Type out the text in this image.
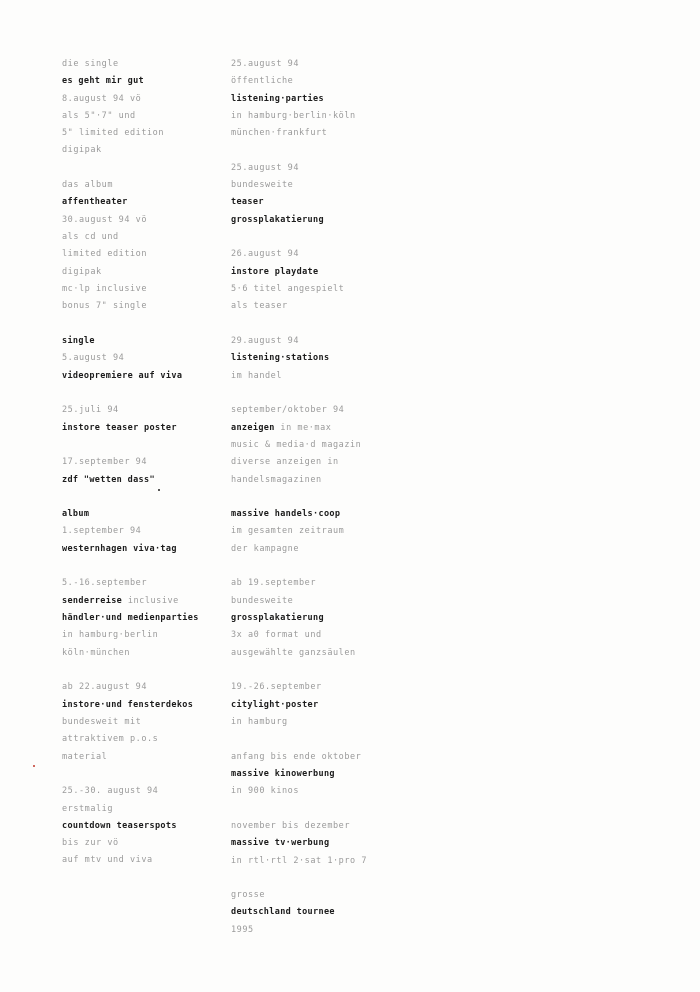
die single
es geht mir gut
8.august 94 vö
als 5"·7" und
5" limited edition
digipak
das album
affentheater
30.august 94 vö
als cd und
limited edition
digipak
mc·lp inclusive
bonus 7" single
single
5.august 94
videopremiere auf viva
25.juli 94
instore teaser poster
17.september 94
zdf "wetten dass"
album
1.september 94
westernhagen viva·tag
5.-16.september
senderreise inclusive
händler·und medienparties
in hamburg·berlin
köln·münchen
ab 22.august 94
instore·und fensterdekos
bundesweit mit
attraktivem p.o.s
material
25.-30. august 94
erstmalig
countdown teaserspots
bis zur vö
auf mtv und viva
25.august 94
öffentliche
listening·parties
in hamburg·berlin·köln
münchen·frankfurt
25.august 94
bundesweite
teaser
grossplakatierung
26.august 94
instore playdate
5·6 titel angespielt
als teaser
29.august 94
listening·stations
im handel
september/oktober 94
anzeigen in me·max
music & media·d magazin
diverse anzeigen in
handelsmagazinen
massive handels·coop
im gesamten zeitraum
der kampagne
ab 19.september
bundesweite
grossplakatierung
3x a0 format und
ausgewählte ganzsäulen
19.-26.september
citylight·poster
in hamburg
anfang bis ende oktober
massive kinowerbung
in 900 kinos
november bis dezember
massive tv·werbung
in rtl·rtl 2·sat 1·pro 7
grosse
deutschland tournee
1995
